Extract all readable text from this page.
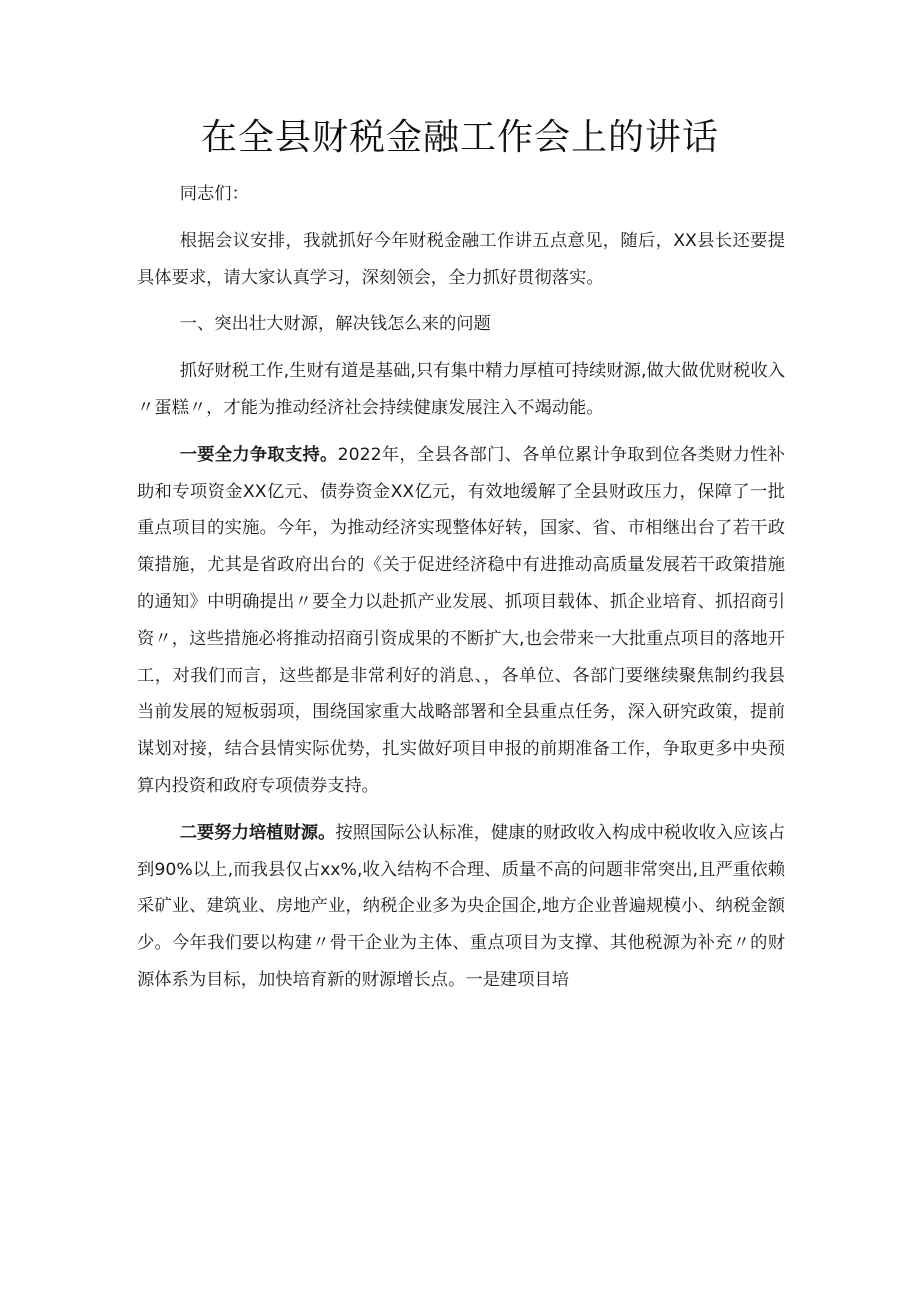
在全县财税金融工作会上的讲话

同志们：

根据会议安排，我就抓好今年财税金融工作讲五点意见，随后，XX县长还要提具体要求，请大家认真学习，深刻领会，全力抓好贯彻落实。

一、突出壮大财源，解决钱怎么来的问题

抓好财税工作,生财有道是基础,只有集中精力厚植可持续财源,做大做优财税收入〃蛋糕〃，才能为推动经济社会持续健康发展注入不竭动能。

一要全力争取支持。2022年，全县各部门、各单位累计争取到位各类财力性补助和专项资金XX亿元、债券资金XX亿元，有效地缓解了全县财政压力，保障了一批重点项目的实施。今年，为推动经济实现整体好转，国家、省、市相继出台了若干政策措施，尤其是省政府出台的《关于促进经济稳中有进推动高质量发展若干政策措施的通知》中明确提出〃要全力以赴抓产业发展、抓项目载体、抓企业培育、抓招商引资〃，这些措施必将推动招商引资成果的不断扩大,也会带来一大批重点项目的落地开工，对我们而言，这些都是非常利好的消息、，各单位、各部门要继续聚焦制约我县当前发展的短板弱项，围绕国家重大战略部署和全县重点任务，深入研究政策，提前谋划对接，结合县情实际优势，扎实做好项目申报的前期准备工作，争取更多中央预算内投资和政府专项债券支持。

二要努力培植财源。按照国际公认标准，健康的财政收入构成中税收收入应该占到90%以上,而我县仅占xx%,收入结构不合理、质量不高的问题非常突出,且严重依赖采矿业、建筑业、房地产业，纳税企业多为央企国企,地方企业普遍规模小、纳税金额少。今年我们要以构建〃骨干企业为主体、重点项目为支撑、其他税源为补充〃的财源体系为目标，加快培育新的财源增长点。一是建项目培
